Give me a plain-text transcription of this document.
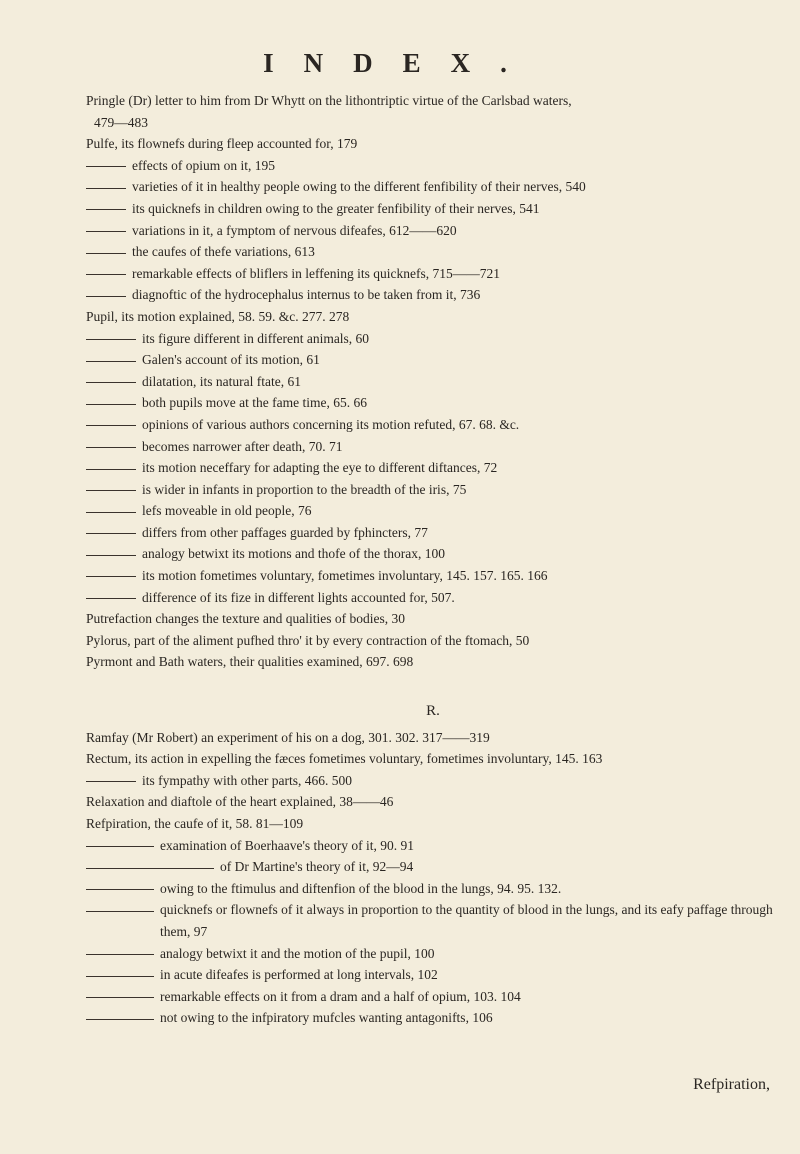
INDEX.
Pringle (Dr) letter to him from Dr Whytt on the lithontriptic virtue of the Carlsbad waters,
479—483
Pulfe, its flownefs during fleep accounted for, 179
effects of opium on it, 195
varieties of it in healthy people owing to the different fenfibility of their nerves, 540
its quicknefs in children owing to the greater fenfibility of their nerves, 541
variations in it, a fymptom of nervous difeafes, 612——620
the caufes of thefe variations, 613
remarkable effects of bliflers in leffening its quicknefs, 715——721
diagnoftic of the hydrocephalus internus to be taken from it, 736
Pupil, its motion explained, 58. 59. &c. 277. 278
its figure different in different animals, 60
Galen's account of its motion, 61
dilatation, its natural ftate, 61
both pupils move at the fame time, 65. 66
opinions of various authors concerning its motion refuted, 67. 68. &c.
becomes narrower after death, 70. 71
its motion neceffary for adapting the eye to different diftances, 72
is wider in infants in proportion to the breadth of the iris, 75
lefs moveable in old people, 76
differs from other paffages guarded by fphincters, 77
analogy betwixt its motions and thofe of the thorax, 100
its motion fometimes voluntary, fometimes involuntary, 145. 157. 165. 166
difference of its fize in different lights accounted for, 507.
Putrefaction changes the texture and qualities of bodies, 30
Pylorus, part of the aliment pufhed thro' it by every contraction of the ftomach, 50
Pyrmont and Bath waters, their qualities examined, 697. 698
R.
Ramfay (Mr Robert) an experiment of his on a dog, 301. 302. 317——319
Rectum, its action in expelling the fæces fometimes voluntary, fometimes involuntary, 145. 163
its fympathy with other parts, 466. 500
Relaxation and diaftole of the heart explained, 38——46
Refpiration, the caufe of it, 58. 81—109
examination of Boerhaave's theory of it, 90. 91
of Dr Martine's theory of it, 92—94
owing to the ftimulus and diftenfion of the blood in the lungs, 94. 95. 132.
quicknefs or flownefs of it always in proportion to the quantity of blood in the lungs, and its eafy paffage through them, 97
analogy betwixt it and the motion of the pupil, 100
in acute difeafes is performed at long intervals, 102
remarkable effects on it from a dram and a half of opium, 103. 104
not owing to the infpiratory mufcles wanting antagonifts, 106
Refpiration,
